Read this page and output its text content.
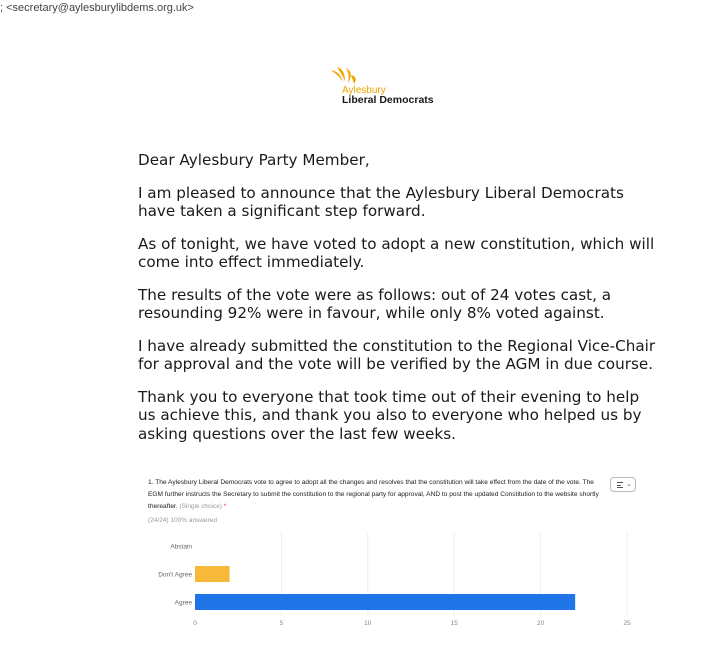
; <secretary@aylesburylibdems.org.uk>
Aylesbury
Liberal Democrats

Dear Aylesbury Party Member,

I am pleased to announce that the Aylesbury Liberal Democrats have taken a significant step forward.

As of tonight, we have voted to adopt a new constitution, which will come into effect immediately.

The results of the vote were as follows: out of 24 votes cast, a resounding 92% were in favour, while only 8% voted against.

I have already submitted the constitution to the Regional Vice-Chair for approval and the vote will be verified by the AGM in due course.

Thank you to everyone that took time out of their evening to help us achieve this, and thank you also to everyone who helped us by asking questions over the last few weeks.

1. The Aylesbury Liberal Democrats vote to agree to adopt all the changes and resolves that the constitution will take effect from the date of the vote. The EGM further instructs the Secretary to submit the constitution to the regional party for approval, AND to post the updated Constitution to the website shortly thereafter. (Single choice) *
⌄
(24/24) 100% answered
0	5	10	15	20	25
Abstain
Don't Agree
Agree
